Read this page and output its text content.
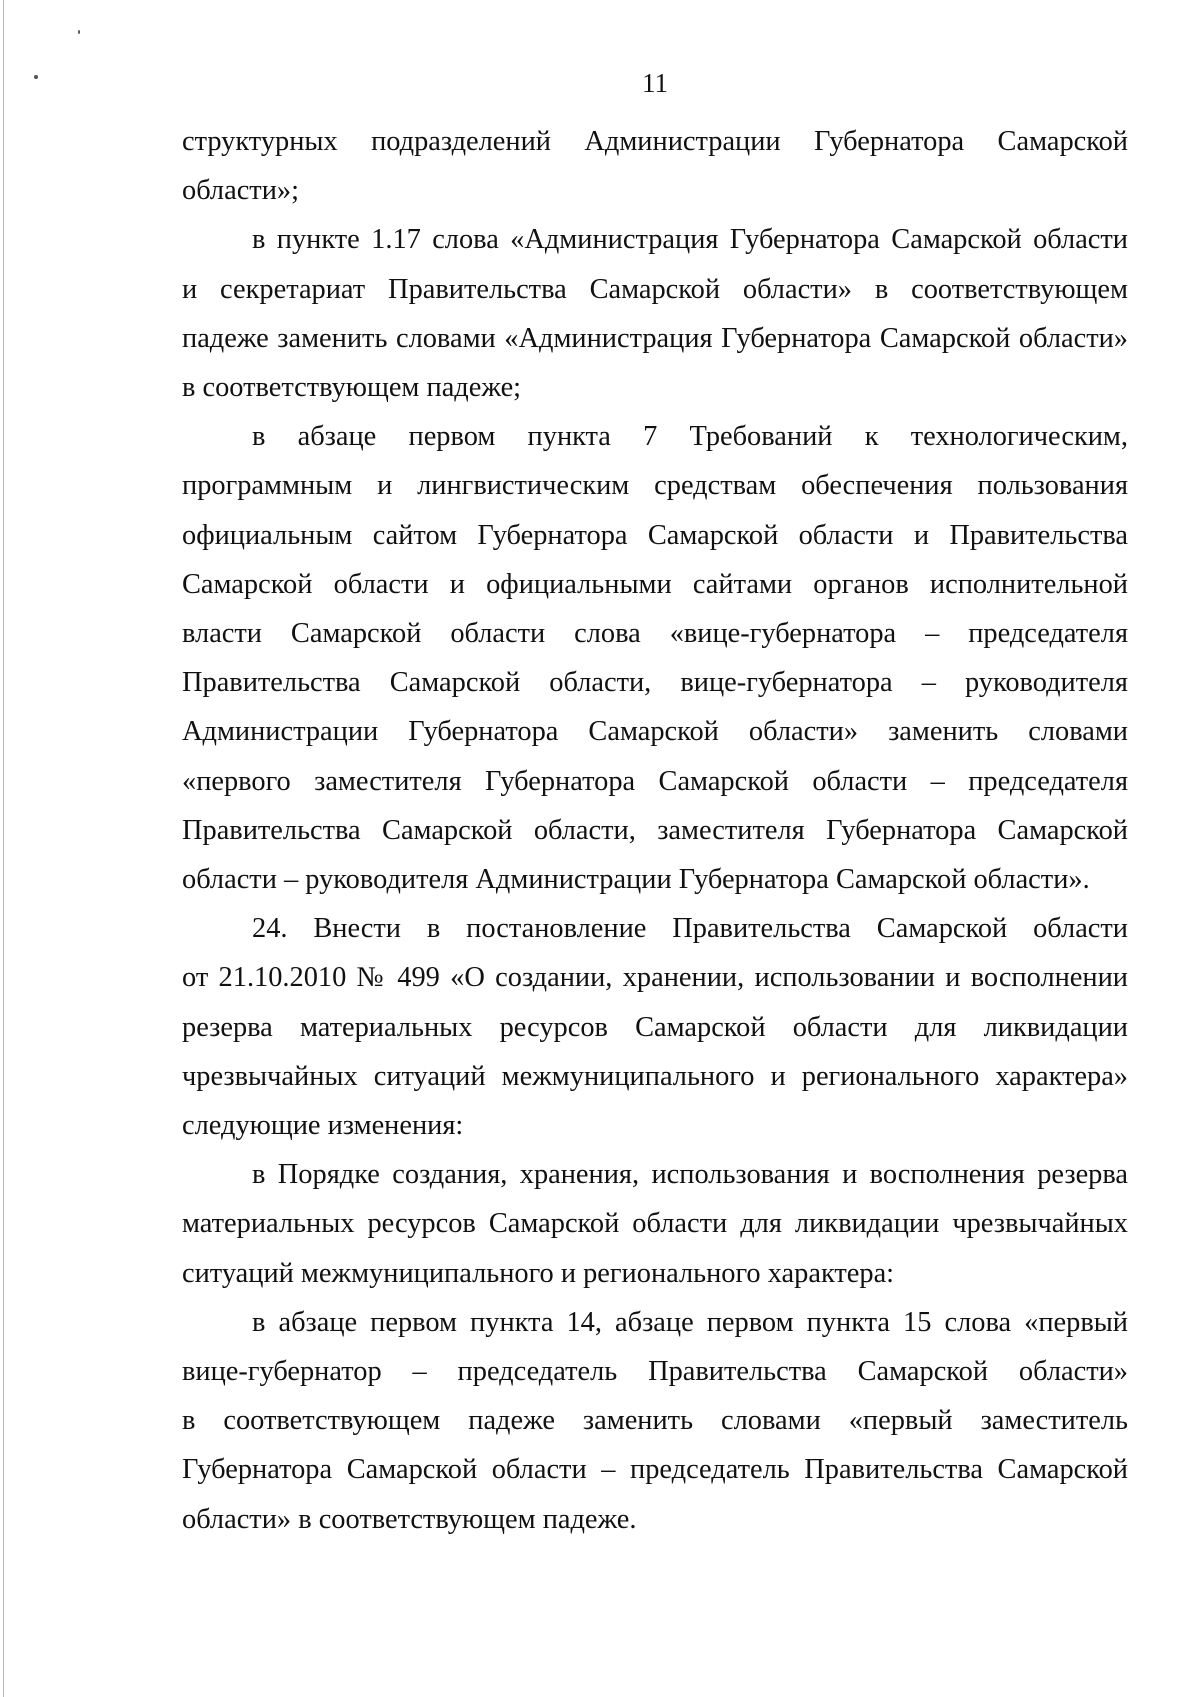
11
структурных подразделений Администрации Губернатора Самарской
области»;
в пункте 1.17 слова «Администрация Губернатора Самарской области
и секретариат Правительства Самарской области» в соответствующем
падеже заменить словами «Администрация Губернатора Самарской области»
в соответствующем падеже;
в абзаце первом пункта 7 Требований к технологическим,
программным и лингвистическим средствам обеспечения пользования
официальным сайтом Губернатора Самарской области и Правительства
Самарской области и официальными сайтами органов исполнительной
власти Самарской области слова «вице-губернатора – председателя
Правительства Самарской области, вице-губернатора – руководителя
Администрации Губернатора Самарской области» заменить словами
«первого заместителя Губернатора Самарской области – председателя
Правительства Самарской области, заместителя Губернатора Самарской
области – руководителя Администрации Губернатора Самарской области».
24. Внести в постановление Правительства Самарской области
от 21.10.2010 № 499 «О создании, хранении, использовании и восполнении
резерва материальных ресурсов Самарской области для ликвидации
чрезвычайных ситуаций межмуниципального и регионального характера»
следующие изменения:
в Порядке создания, хранения, использования и восполнения резерва
материальных ресурсов Самарской области для ликвидации чрезвычайных
ситуаций межмуниципального и регионального характера:
в абзаце первом пункта 14, абзаце первом пункта 15 слова «первый
вице-губернатор – председатель Правительства Самарской области»
в соответствующем падеже заменить словами «первый заместитель
Губернатора Самарской области – председатель Правительства Самарской
области» в соответствующем падеже.
